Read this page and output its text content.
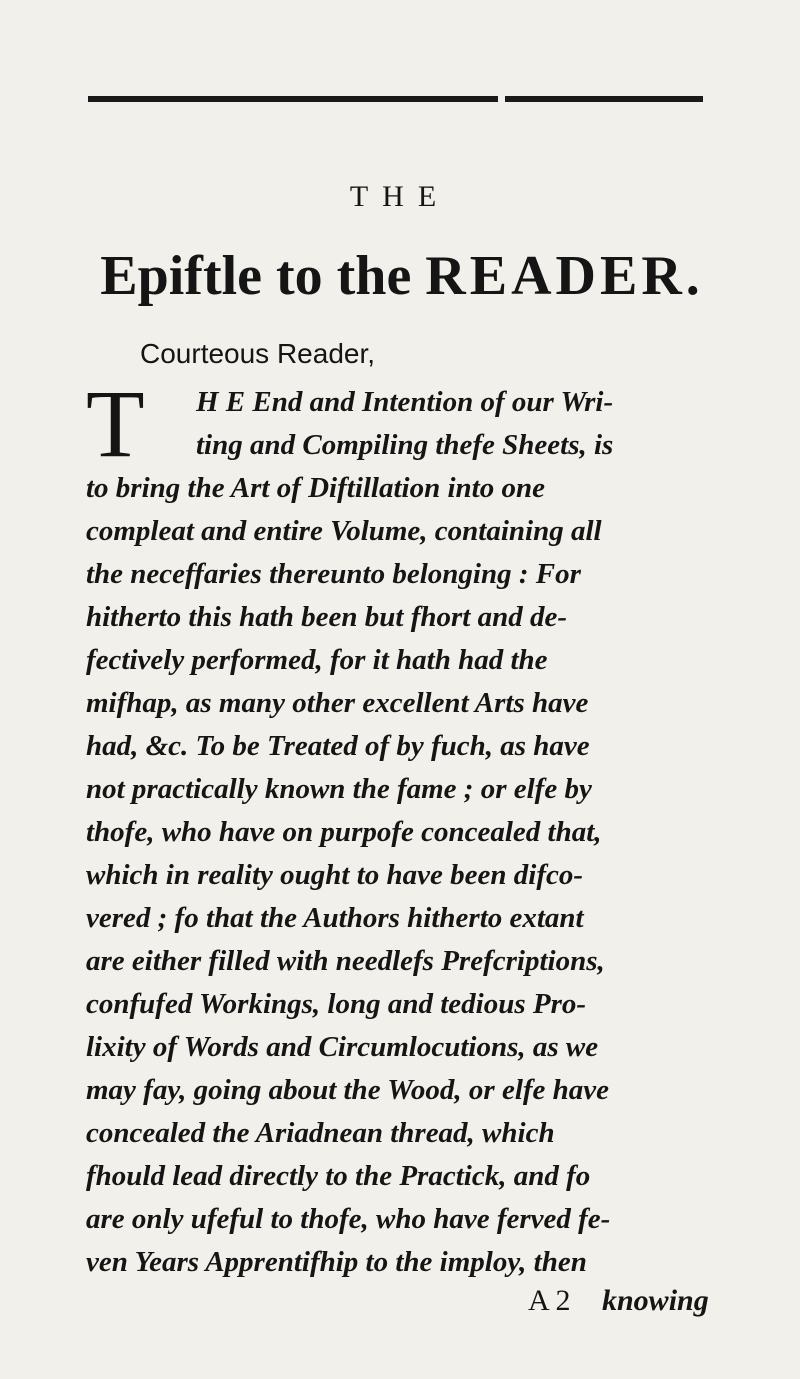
THE
Epiftle to the READER.
Courteous Reader,
T H E End and Intention of our Wri-
ting and Compiling thefe Sheets, is
to bring the Art of Diftillation into one
compleat and entire Volume, containing all
the neceffaries thereunto belonging : For
hitherto this hath been but fhort and de-
fectively performed, for it hath had the
mifhap, as many other excellent Arts have
had, &c. To be Treated of by fuch, as have
not practically known the fame ; or elfe by
thofe, who have on purpofe concealed that,
which in reality ought to have been difco-
vered ; fo that the Authors hitherto extant
are either filled with needlefs Prefcriptions,
confufed Workings, long and tedious Pro-
lixity of Words and Circumlocutions, as we
may fay, going about the Wood, or elfe have
concealed the Ariadnean thread, which
fhould lead directly to the Practick, and fo
are only ufeful to thofe, who have ferved fe-
ven Years Apprentifhip to the imploy, then
A 2 knowing
